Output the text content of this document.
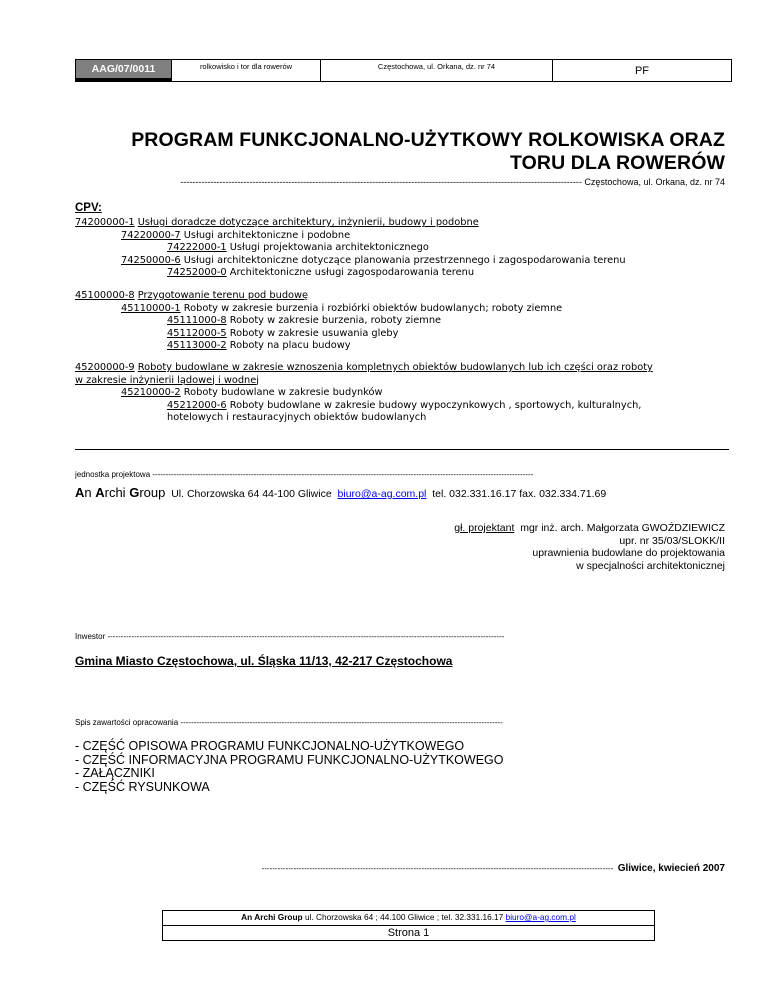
AAG/07/0011	rolkowisko i tor dla rowerów	Częstochowa, ul. Orkana, dz. nr 74	PF
PROGRAM FUNKCJONALNO-UŻYTKOWY ROLKOWISKA ORAZ
TORU DLA ROWERÓW
-------------------------------------------------------------------------------------------------------------------------------------- Częstochowa, ul. Orkana, dz. nr 74
CPV:
74200000-1 Usługi doradcze dotyczące architektury, inżynierii, budowy i podobne
74220000-7 Usługi architektoniczne i podobne
74222000-1 Usługi projektowania architektonicznego
74250000-6 Usługi architektoniczne dotyczące planowania przestrzennego i zagospodarowania terenu
74252000-0 Architektoniczne usługi zagospodarowania terenu
45100000-8 Przygotowanie terenu pod budowę
45110000-1 Roboty w zakresie burzenia i rozbiórki obiektów budowlanych; roboty ziemne
45111000-8 Roboty w zakresie burzenia, roboty ziemne
45112000-5 Roboty w zakresie usuwania gleby
45113000-2 Roboty na placu budowy
45200000-9 Roboty budowlane w zakresie wznoszenia kompletnych obiektów budowlanych lub ich części oraz roboty
w zakresie inżynierii lądowej i wodnej
45210000-2 Roboty budowlane w zakresie budynków
45212000-6 Roboty budowlane w zakresie budowy wypoczynkowych , sportowych, kulturalnych,
hotelowych i restauracyjnych obiektów budowlanych
jednostka projektowa -----------------------------------------------------------------------------------------------------------------------------------------------
An Archi Group Ul. Chorzowska 64 44-100 Gliwice biuro@a-ag.com.pl tel. 032.331.16.17 fax. 032.334.71.69
gł. projektant mgr inż. arch. Małgorzata GWOŹDZIEWICZ
upr. nr 35/03/SLOKK/II
uprawnienia budowlane do projektowania
w specjalności architektonicznej
Inwestor -----------------------------------------------------------------------------------------------------------------------------------------------------
Gmina Miasto Częstochowa, ul. Śląska 11/13, 42-217 Częstochowa
Spis zawartości opracowania -------------------------------------------------------------------------------------------------------------------------
- CZĘŚĆ OPISOWA PROGRAMU FUNKCJONALNO-UŻYTKOWEGO
- CZĘŚĆ INFORMACYJNA PROGRAMU FUNKCJONALNO-UŻYTKOWEGO
- ZAŁĄCZNIKI
- CZĘŚĆ RYSUNKOWA
------------------------------------------------------------------------------------------------------------------------------------ Gliwice, kwiecień 2007
An Archi Group ul. Chorzowska 64 ; 44.100 Gliwice ; tel. 32.331.16.17 biuro@a-ag.com.pl
Strona 1
